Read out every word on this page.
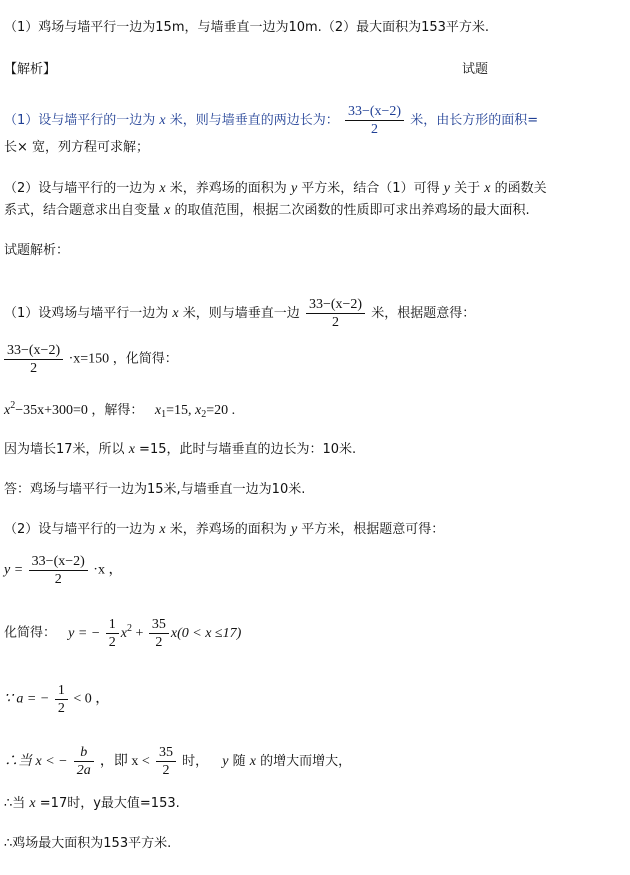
（1）鸡场与墙平行一边为15m，与墙垂直一边为10m.（2）最大面积为153平方米.
【解析】	试题
（1）设与墙平行的一边为 x 米，则与墙垂直的两边长为： $\frac{33-(x-2)}{2}$ 米，由长方形的面积=
长× 宽，列方程可求解；
（2）设与墙平行的一边为 x 米，养鸡场的面积为 y 平方米，结合（1）可得 y 关于 x 的函数关
系式，结合题意求出自变量 x 的取值范围，根据二次函数的性质即可求出养鸡场的最大面积.
试题解析：
（1）设鸡场与墙平行一边为 x 米，则与墙垂直一边 $\frac{33-(x-2)}{2}$ 米，根据题意得：
$\frac{33-(x-2)}{2} \cdot x=150$ ，化简得：
$x^2-35x+300=0$ ，解得： $x_1=15$, $x_2=20$ .
因为墙长17米，所以 x =15，此时与墙垂直的边长为：10米.
答：鸡场与墙平行一边为15米,与墙垂直一边为10米.
（2）设与墙平行的一边为 x 米，养鸡场的面积为 y 平方米，根据题意可得：
$y = \frac{33-(x-2)}{2} \cdot x$ ，
化简得： y = − $\frac{1}{2} x^2 + \frac{35}{2} x(0 < x \le 17)$
∵ a = − $\frac{1}{2} < 0$ ，
∴当 x < − $\frac{b}{2a}$ ，即 $x < \frac{35}{2}$ 时， y 随 x 的增大而增大，
∴当 x =17时，y最大值=153.
∴鸡场最大面积为153平方米.
